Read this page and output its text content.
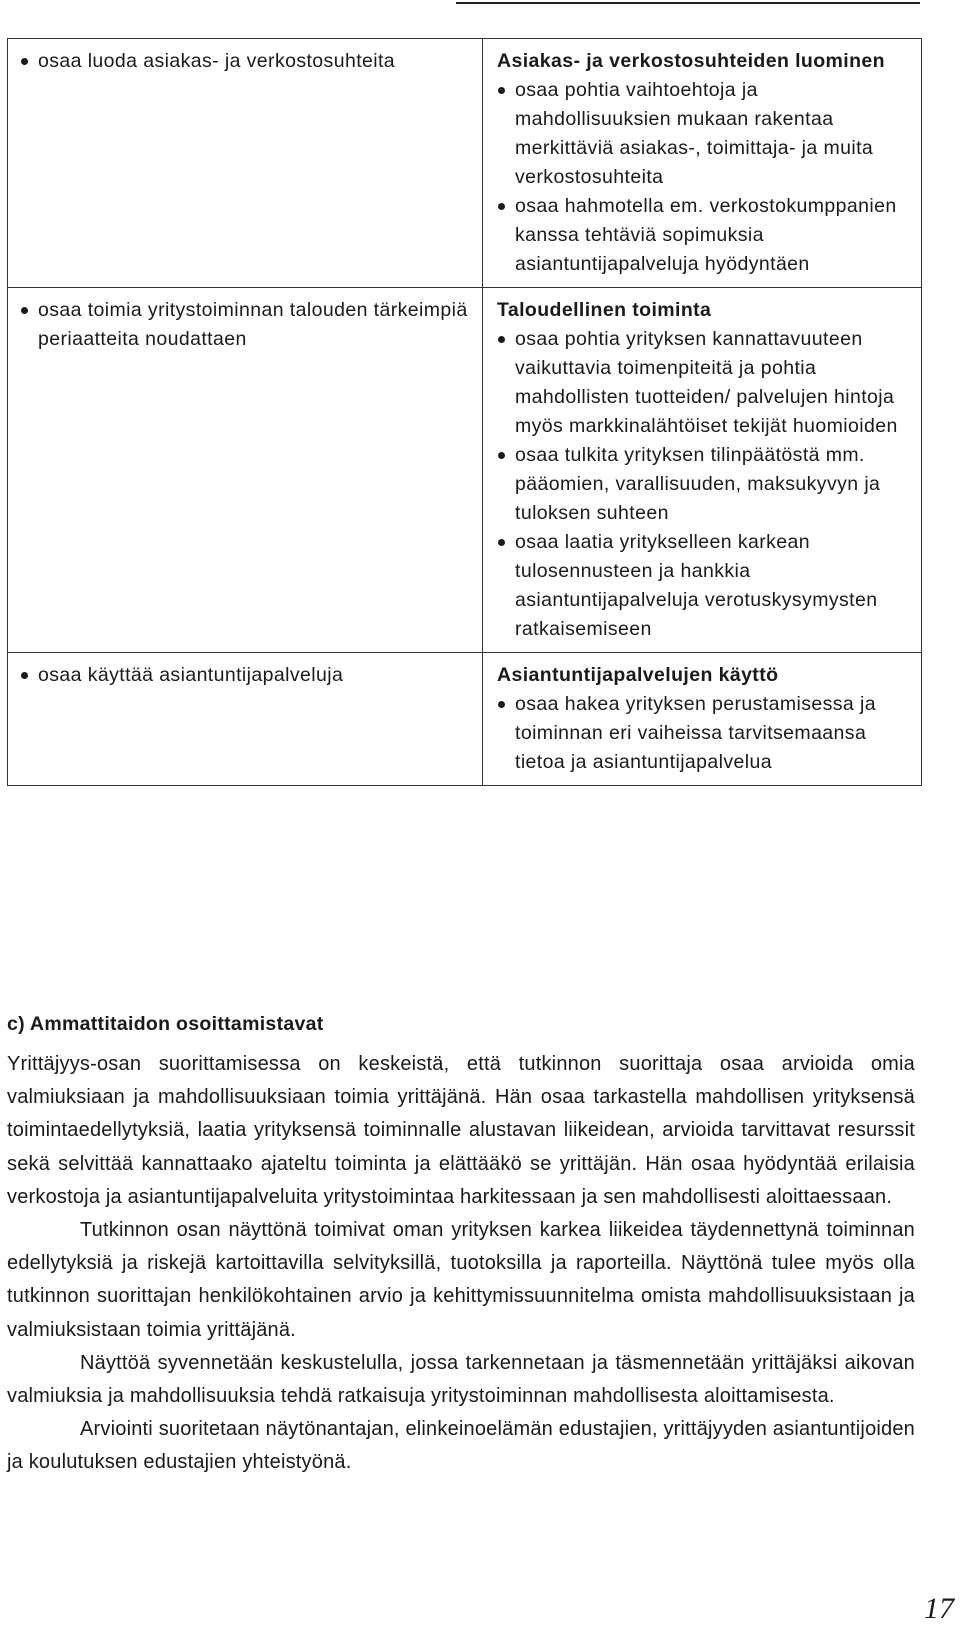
osaa luoda asiakas- ja verkostosuhteita	Asiakas- ja verkostosuhteiden luominen
osaa pohtia vaihtoehtoja ja mahdollisuuksien mukaan rakentaa merkittäviä asiakas-, toimittaja- ja muita verkostosuhteita
osaa hahmotella em. verkostokumppanien kanssa tehtäviä sopimuksia asiantuntijapalveluja hyödyntäen

osaa toimia yritystoiminnan talouden tärkeimpiä periaatteita noudattaen	Taloudellinen toiminta
osaa pohtia yrityksen kannattavuuteen vaikuttavia toimenpiteitä ja pohtia mahdollisten tuotteiden/ palvelujen hintoja myös markkinalähtöiset tekijät huomioiden
osaa tulkita yrityksen tilinpäätöstä mm. pääomien, varallisuuden, maksukyvyn ja tuloksen suhteen
osaa laatia yritykselleen karkean tulosennusteen ja hankkia asiantuntijapalveluja verotuskysymysten ratkaisemiseen

osaa käyttää asiantuntijapalveluja	Asiantuntijapalvelujen käyttö
osaa hakea yrityksen perustamisessa ja toiminnan eri vaiheissa tarvitsemaansa tietoa ja asiantuntijapalvelua
c) Ammattitaidon osoittamistavat

Yrittäjyys-osan suorittamisessa on keskeistä, että tutkinnon suorittaja osaa arvioida omia valmiuksiaan ja mahdollisuuksiaan toimia yrittäjänä. Hän osaa tarkastella mahdollisen yrityksensä toimintaedellytyksiä, laatia yrityksensä toiminnalle alustavan liikeidean, arvioida tarvittavat resurssit sekä selvittää kannattaako ajateltu toiminta ja elättääkö se yrittäjän. Hän osaa hyödyntää erilaisia verkostoja ja asiantuntijapalveluita yritystoimintaa harkitessaan ja sen mahdollisesti aloittaessaan.

Tutkinnon osan näyttönä toimivat oman yrityksen karkea liikeidea täydennettynä toiminnan edellytyksiä ja riskejä kartoittavilla selvityksillä, tuotoksilla ja raporteilla. Näyttönä tulee myös olla tutkinnon suorittajan henkilökohtainen arvio ja kehittymissuunnitelma omista mahdollisuuksistaan ja valmiuksistaan toimia yrittäjänä.

Näyttöä syvennetään keskustelulla, jossa tarkennetaan ja täsmennetään yrittäjäksi aikovan valmiuksia ja mahdollisuuksia tehdä ratkaisuja yritystoiminnan mahdollisesta aloittamisesta.

Arviointi suoritetaan näytönantajan, elinkeinoelämän edustajien, yrittäjyyden asiantuntijoiden ja koulutuksen edustajien yhteistyönä.

17
